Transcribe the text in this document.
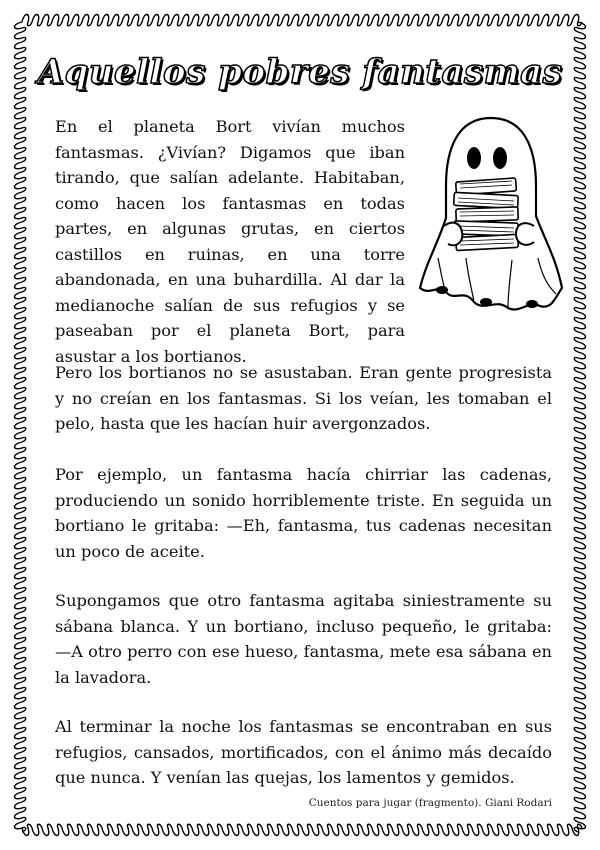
Aquellos pobres fantasmas

En el planeta Bort vivían muchos fantasmas. ¿Vivían? Digamos que iban tirando, que salían adelante. Habitaban, como hacen los fantasmas en todas partes, en algunas grutas, en ciertos castillos en ruinas, en una torre abandonada, en una buhardilla. Al dar la medianoche salían de sus refugios y se paseaban por el planeta Bort, para asustar a los bortianos.

Pero los bortianos no se asustaban. Eran gente progresista y no creían en los fantasmas. Si los veían, les tomaban el pelo, hasta que les hacían huir avergonzados.

Por ejemplo, un fantasma hacía chirriar las cadenas, produciendo un sonido horriblemente triste. En seguida un bortiano le gritaba: —Eh, fantasma, tus cadenas necesitan un poco de aceite.

Supongamos que otro fantasma agitaba siniestramente su sábana blanca. Y un bortiano, incluso pequeño, le gritaba: —A otro perro con ese hueso, fantasma, mete esa sábana en la lavadora.

Al terminar la noche los fantasmas se encontraban en sus refugios, cansados, mortificados, con el ánimo más decaído que nunca. Y venían las quejas, los lamentos y gemidos.

Cuentos para jugar (fragmento). Giani Rodari
